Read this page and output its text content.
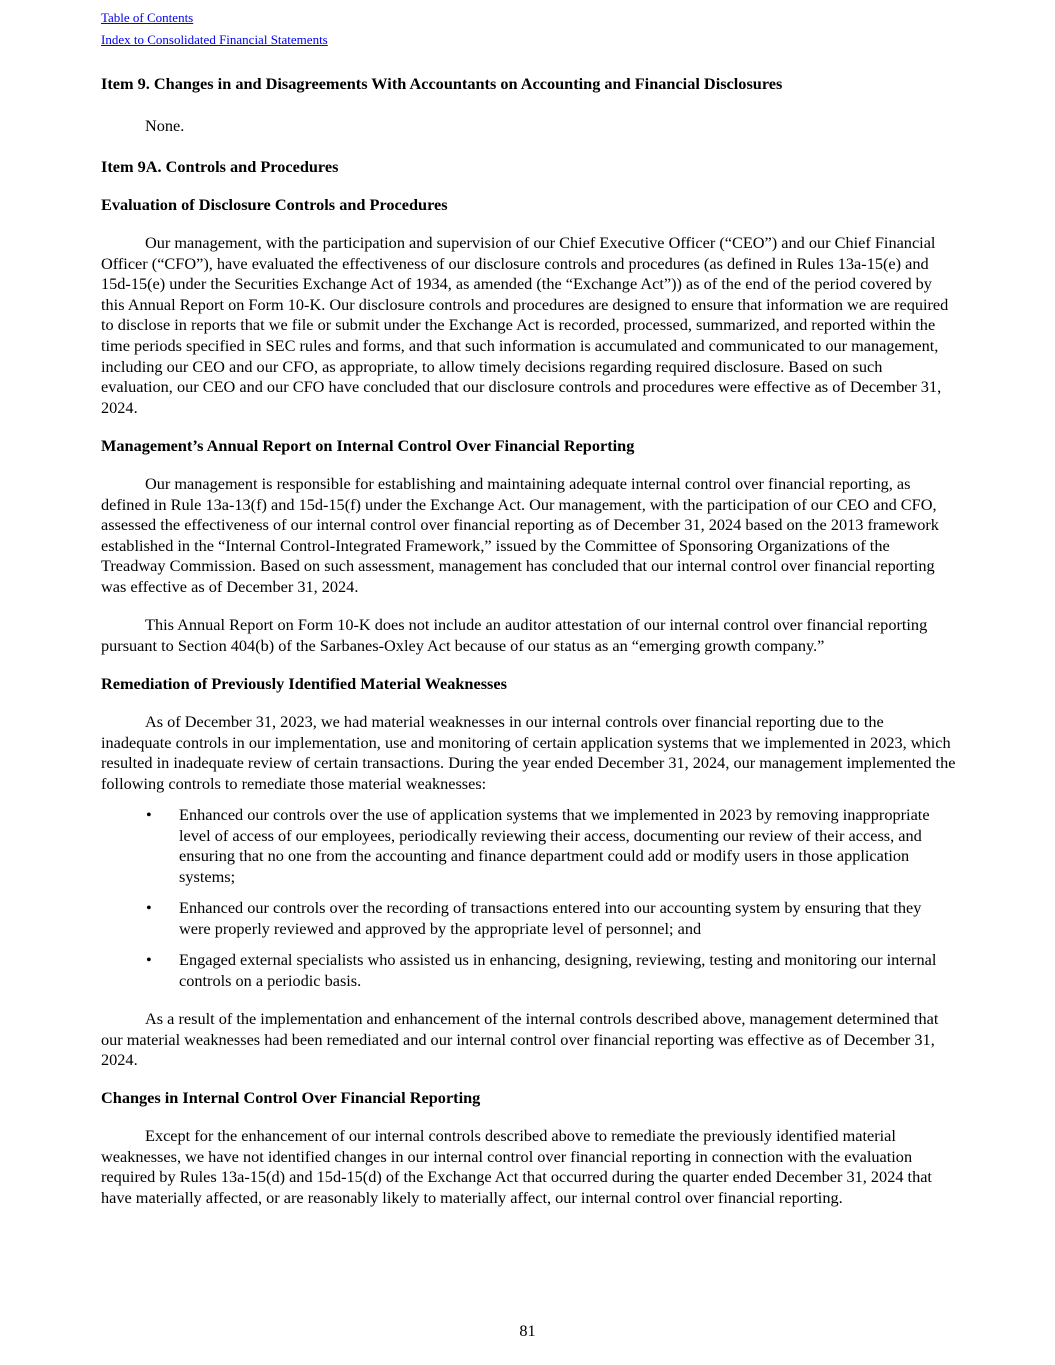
Table of Contents
Index to Consolidated Financial Statements

Item 9. Changes in and Disagreements With Accountants on Accounting and Financial Disclosures

None.

Item 9A. Controls and Procedures

Evaluation of Disclosure Controls and Procedures

Our management, with the participation and supervision of our Chief Executive Officer (“CEO”) and our Chief Financial Officer (“CFO”), have evaluated the effectiveness of our disclosure controls and procedures (as defined in Rules 13a-15(e) and 15d-15(e) under the Securities Exchange Act of 1934, as amended (the “Exchange Act”)) as of the end of the period covered by this Annual Report on Form 10-K. Our disclosure controls and procedures are designed to ensure that information we are required to disclose in reports that we file or submit under the Exchange Act is recorded, processed, summarized, and reported within the time periods specified in SEC rules and forms, and that such information is accumulated and communicated to our management, including our CEO and our CFO, as appropriate, to allow timely decisions regarding required disclosure. Based on such evaluation, our CEO and our CFO have concluded that our disclosure controls and procedures were effective as of December 31, 2024.

Management’s Annual Report on Internal Control Over Financial Reporting

Our management is responsible for establishing and maintaining adequate internal control over financial reporting, as defined in Rule 13a-13(f) and 15d-15(f) under the Exchange Act. Our management, with the participation of our CEO and CFO, assessed the effectiveness of our internal control over financial reporting as of December 31, 2024 based on the 2013 framework established in the “Internal Control-Integrated Framework,” issued by the Committee of Sponsoring Organizations of the Treadway Commission. Based on such assessment, management has concluded that our internal control over financial reporting was effective as of December 31, 2024.

This Annual Report on Form 10-K does not include an auditor attestation of our internal control over financial reporting pursuant to Section 404(b) of the Sarbanes-Oxley Act because of our status as an “emerging growth company.”

Remediation of Previously Identified Material Weaknesses

As of December 31, 2023, we had material weaknesses in our internal controls over financial reporting due to the inadequate controls in our implementation, use and monitoring of certain application systems that we implemented in 2023, which resulted in inadequate review of certain transactions. During the year ended December 31, 2024, our management implemented the following controls to remediate those material weaknesses:

• Enhanced our controls over the use of application systems that we implemented in 2023 by removing inappropriate level of access of our employees, periodically reviewing their access, documenting our review of their access, and ensuring that no one from the accounting and finance department could add or modify users in those application systems;
• Enhanced our controls over the recording of transactions entered into our accounting system by ensuring that they were properly reviewed and approved by the appropriate level of personnel; and
• Engaged external specialists who assisted us in enhancing, designing, reviewing, testing and monitoring our internal controls on a periodic basis.

As a result of the implementation and enhancement of the internal controls described above, management determined that our material weaknesses had been remediated and our internal control over financial reporting was effective as of December 31, 2024.

Changes in Internal Control Over Financial Reporting

Except for the enhancement of our internal controls described above to remediate the previously identified material weaknesses, we have not identified changes in our internal control over financial reporting in connection with the evaluation required by Rules 13a-15(d) and 15d-15(d) of the Exchange Act that occurred during the quarter ended December 31, 2024 that have materially affected, or are reasonably likely to materially affect, our internal control over financial reporting.

81
